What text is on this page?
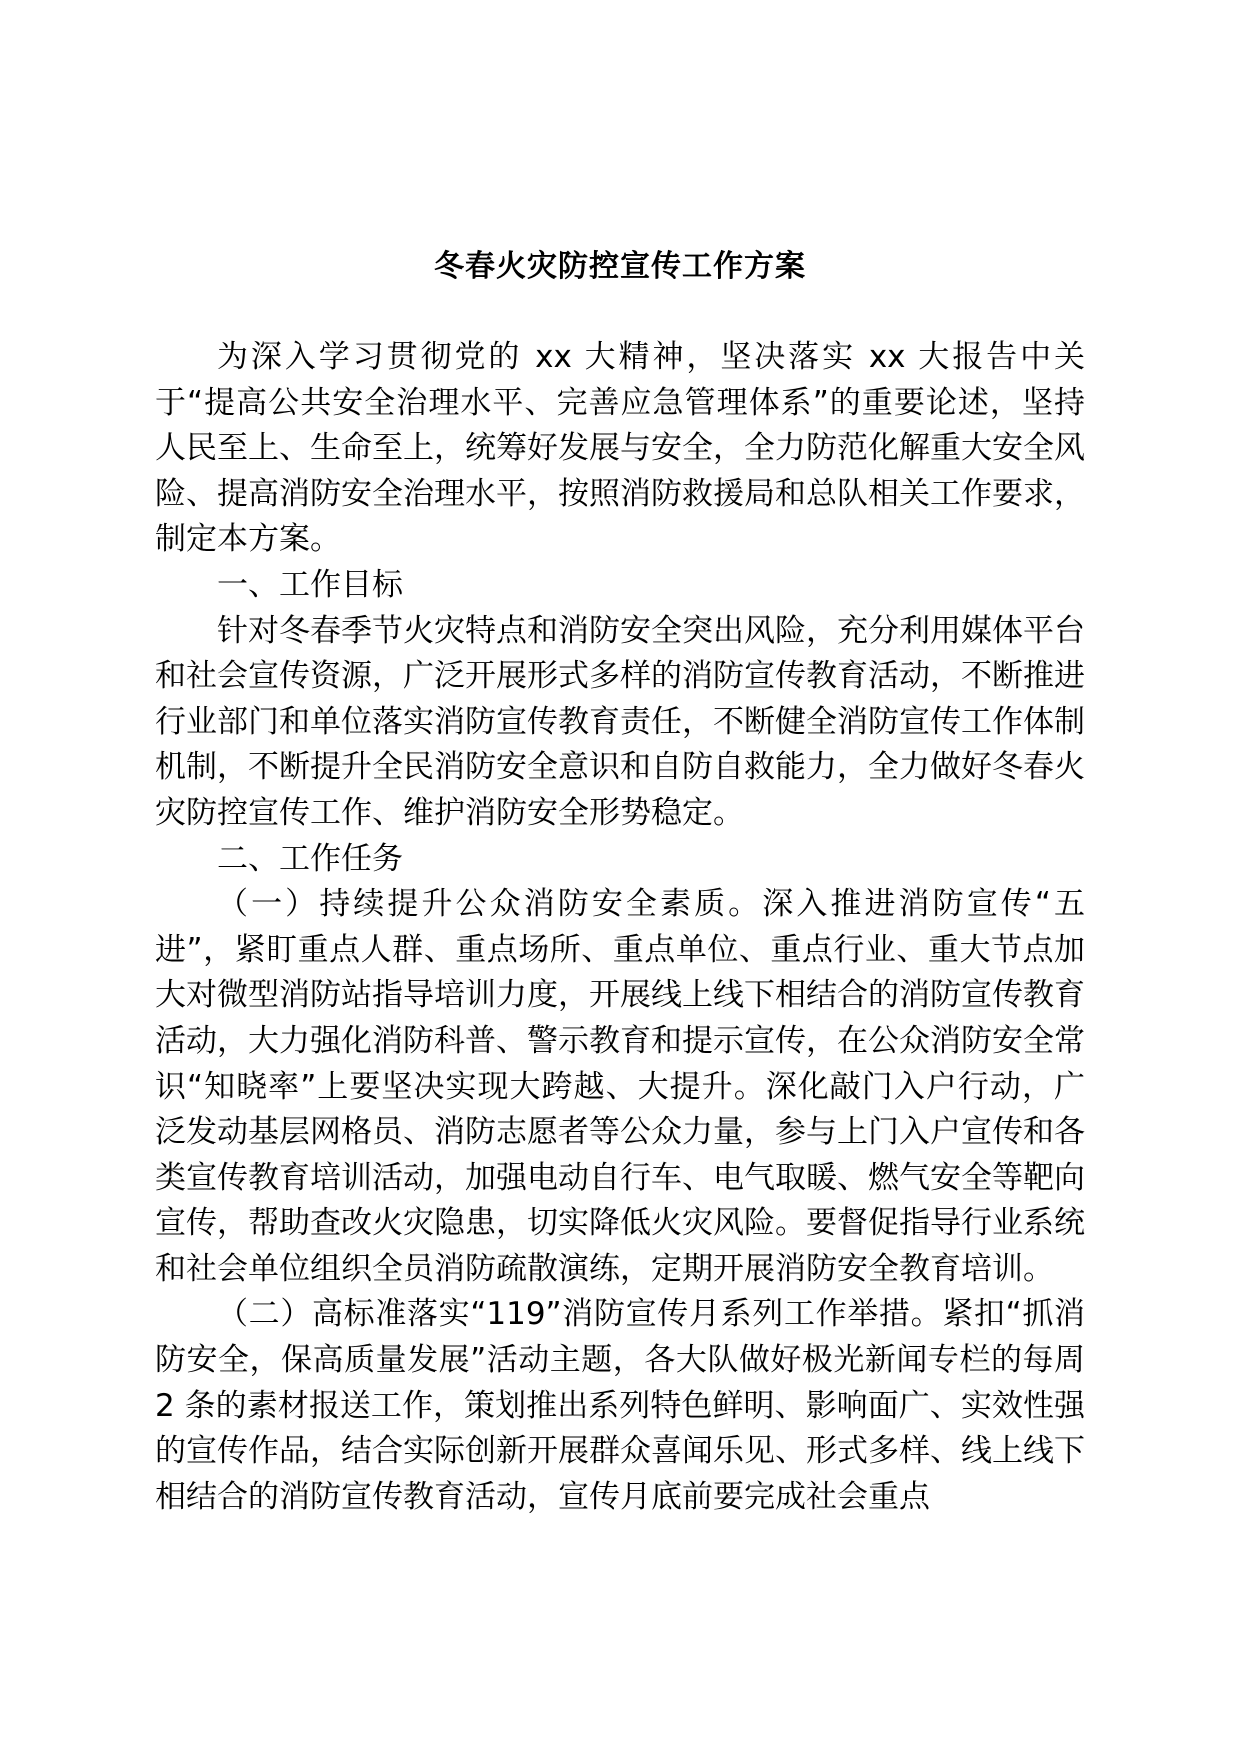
冬春火灾防控宣传工作方案

为深入学习贯彻党的 xx 大精神，坚决落实 xx 大报告中关于“提高公共安全治理水平、完善应急管理体系”的重要论述，坚持人民至上、生命至上，统筹好发展与安全，全力防范化解重大安全风险、提高消防安全治理水平，按照消防救援局和总队相关工作要求，制定本方案。

一、工作目标

针对冬春季节火灾特点和消防安全突出风险，充分利用媒体平台和社会宣传资源，广泛开展形式多样的消防宣传教育活动，不断推进行业部门和单位落实消防宣传教育责任，不断健全消防宣传工作体制机制，不断提升全民消防安全意识和自防自救能力，全力做好冬春火灾防控宣传工作、维护消防安全形势稳定。

二、工作任务

（一）持续提升公众消防安全素质。深入推进消防宣传“五进”，紧盯重点人群、重点场所、重点单位、重点行业、重大节点加大对微型消防站指导培训力度，开展线上线下相结合的消防宣传教育活动，大力强化消防科普、警示教育和提示宣传，在公众消防安全常识“知晓率”上要坚决实现大跨越、大提升。深化敲门入户行动，广泛发动基层网格员、消防志愿者等公众力量，参与上门入户宣传和各类宣传教育培训活动，加强电动自行车、电气取暖、燃气安全等靶向宣传，帮助查改火灾隐患，切实降低火灾风险。要督促指导行业系统和社会单位组织全员消防疏散演练，定期开展消防安全教育培训。

（二）高标准落实“119”消防宣传月系列工作举措。紧扣“抓消防安全，保高质量发展”活动主题，各大队做好极光新闻专栏的每周 2 条的素材报送工作，策划推出系列特色鲜明、影响面广、实效性强的宣传作品，结合实际创新开展群众喜闻乐见、形式多样、线上线下相结合的消防宣传教育活动，宣传月底前要完成社会重点
